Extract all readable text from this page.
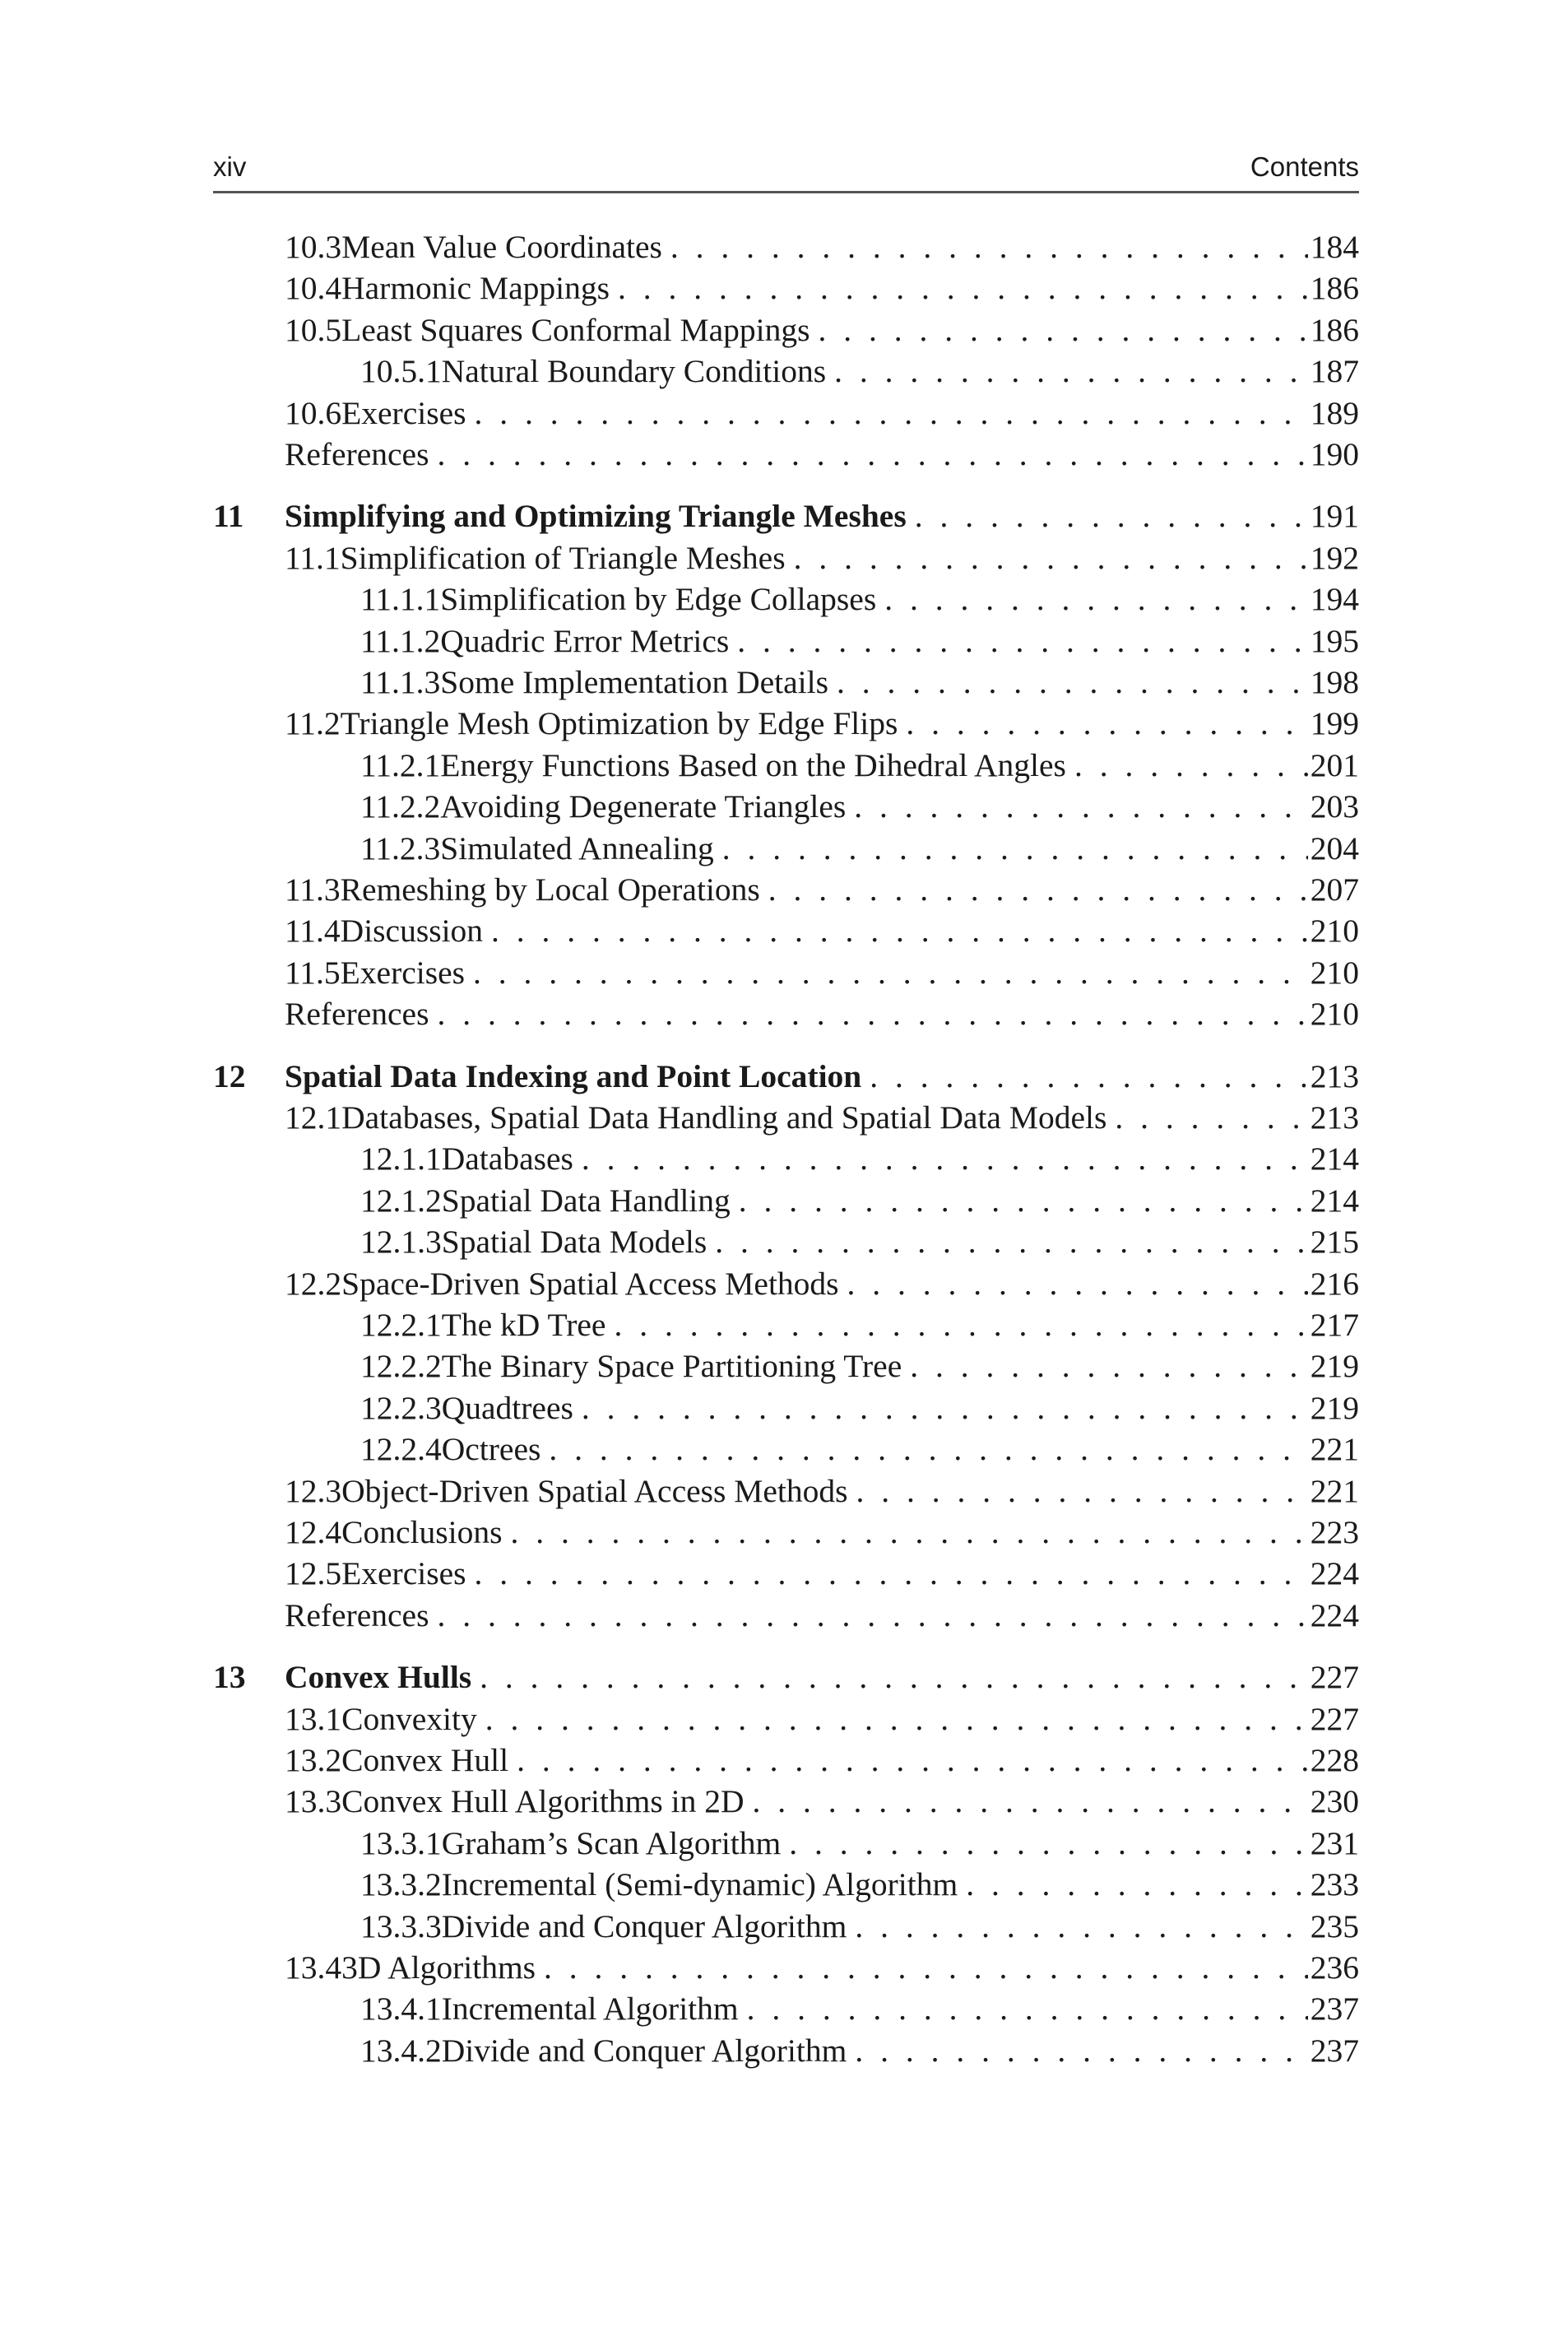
xiv	Contents
10.3 Mean Value Coordinates . . .	184
10.4 Harmonic Mappings . . .	186
10.5 Least Squares Conformal Mappings . . .	186
10.5.1 Natural Boundary Conditions . . .	187
10.6 Exercises . . .	189
References . . .	190
11 Simplifying and Optimizing Triangle Meshes . . .	191
11.1 Simplification of Triangle Meshes . . .	192
11.1.1 Simplification by Edge Collapses . . .	194
11.1.2 Quadric Error Metrics . . .	195
11.1.3 Some Implementation Details . . .	198
11.2 Triangle Mesh Optimization by Edge Flips . . .	199
11.2.1 Energy Functions Based on the Dihedral Angles . . .	201
11.2.2 Avoiding Degenerate Triangles . . .	203
11.2.3 Simulated Annealing . . .	204
11.3 Remeshing by Local Operations . . .	207
11.4 Discussion . . .	210
11.5 Exercises . . .	210
References . . .	210
12 Spatial Data Indexing and Point Location . . .	213
12.1 Databases, Spatial Data Handling and Spatial Data Models . . .	213
12.1.1 Databases . . .	214
12.1.2 Spatial Data Handling . . .	214
12.1.3 Spatial Data Models . . .	215
12.2 Space-Driven Spatial Access Methods . . .	216
12.2.1 The kD Tree . . .	217
12.2.2 The Binary Space Partitioning Tree . . .	219
12.2.3 Quadtrees . . .	219
12.2.4 Octrees . . .	221
12.3 Object-Driven Spatial Access Methods . . .	221
12.4 Conclusions . . .	223
12.5 Exercises . . .	224
References . . .	224
13 Convex Hulls . . .	227
13.1 Convexity . . .	227
13.2 Convex Hull . . .	228
13.3 Convex Hull Algorithms in 2D . . .	230
13.3.1 Graham’s Scan Algorithm . . .	231
13.3.2 Incremental (Semi-dynamic) Algorithm . . .	233
13.3.3 Divide and Conquer Algorithm . . .	235
13.4 3D Algorithms . . .	236
13.4.1 Incremental Algorithm . . .	237
13.4.2 Divide and Conquer Algorithm . . .	237
